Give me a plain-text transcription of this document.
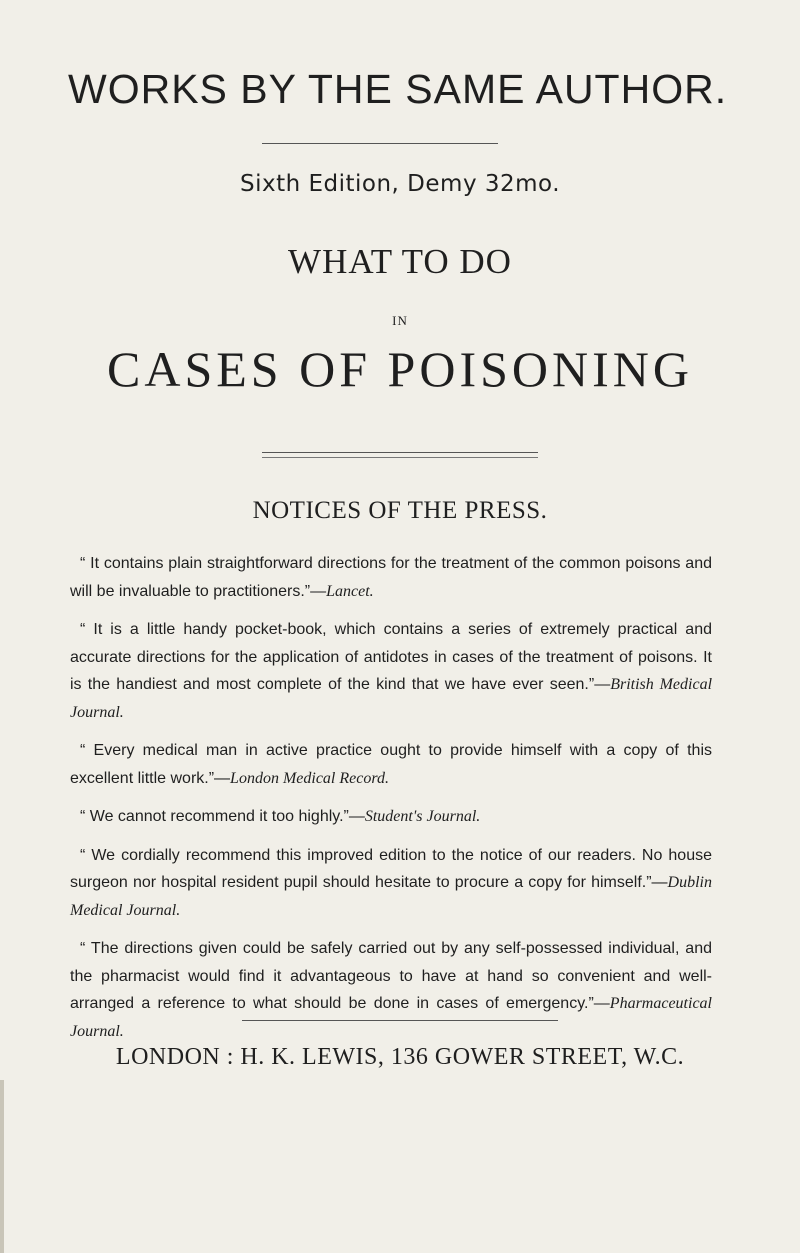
WORKS BY THE SAME AUTHOR.
Sixth Edition, Demy 32mo.
WHAT TO DO
IN
CASES OF POISONING
NOTICES OF THE PRESS.

“ It contains plain straightforward directions for the treatment of the common poisons and will be invaluable to practitioners.”—Lancet.

“ It is a little handy pocket-book, which contains a series of extremely practical and accurate directions for the application of antidotes in cases of the treatment of poisons. It is the handiest and most complete of the kind that we have ever seen.”—British Medical Journal.

“ Every medical man in active practice ought to provide himself with a copy of this excellent little work.”—London Medical Record.

“ We cannot recommend it too highly.”—Student's Journal.

“ We cordially recommend this improved edition to the notice of our readers. No house surgeon nor hospital resident pupil should hesitate to procure a copy for himself.”—Dublin Medical Journal.

“ The directions given could be safely carried out by any self-possessed individual, and the pharmacist would find it advantageous to have at hand so convenient and well-arranged a reference to what should be done in cases of emergency.”—Pharmaceutical Journal.

LONDON : H. K. LEWIS, 136 GOWER STREET, W.C.
